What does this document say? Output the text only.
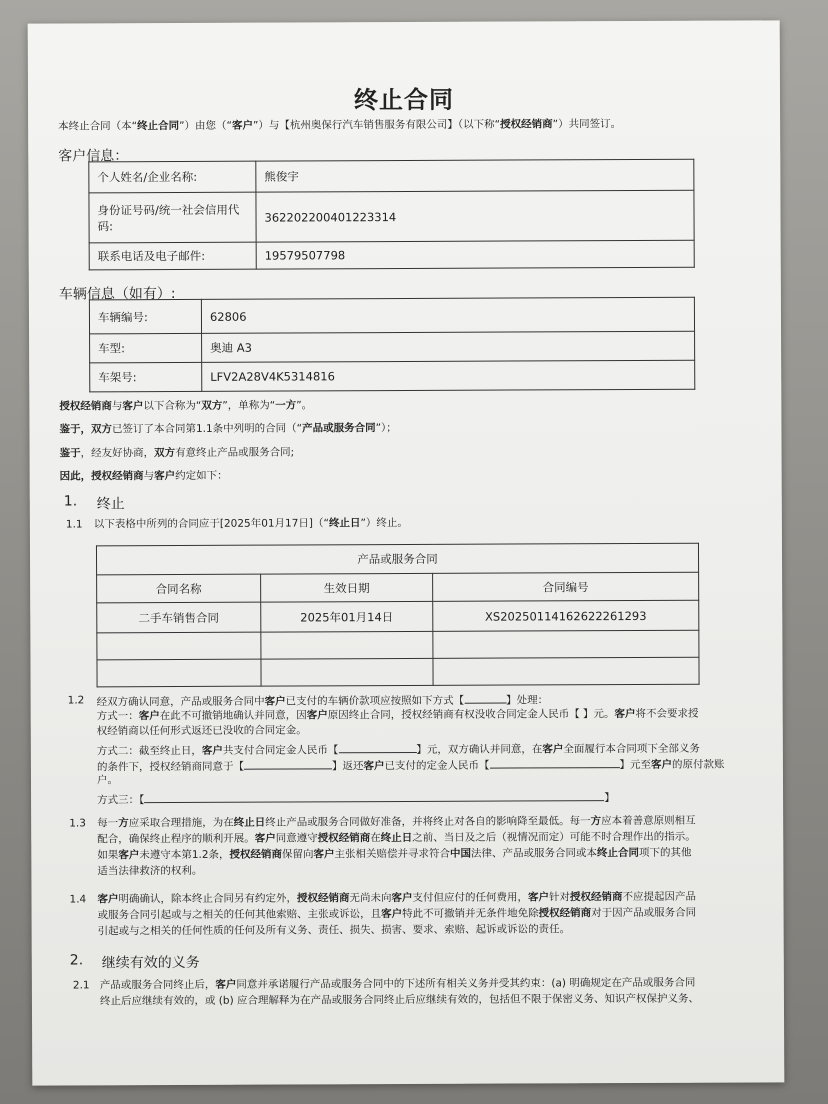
终止合同
本终止合同（本“终止合同”）由您（“客户”）与【杭州奥保行汽车销售服务有限公司】（以下称“授权经销商”）共同签订。
客户信息：
个人姓名/企业名称:	熊俊宇
身份证号码/统一社会信用代码:	362202200401223314
联系电话及电子邮件:	19579507798
车辆信息（如有）:
车辆编号:	62806
车型:	奥迪 A3
车架号:	LFV2A28V4K5314816
授权经销商与客户以下合称为“双方”，单称为“一方”。
鉴于，双方已签订了本合同第1.1条中列明的合同（“产品或服务合同”）；
鉴于，经友好协商，双方有意终止产品或服务合同;
因此，授权经销商与客户约定如下：
1. 终止
1.1 以下表格中所列的合同应于[2025年01月17日]（“终止日”）终止。
产品或服务合同		
合同名称	生效日期	合同编号
二手车销售合同	2025年01月14日	XS20250114162622261293

1.2 经双方确认同意，产品或服务合同中客户已支付的车辆价款项应按照如下方式【	】处理：
方式一：客户在此不可撤销地确认并同意，因客户原因终止合同，授权经销商有权没收合同定金人民币【 】元。客户将不会要求授
权经销商以任何形式返还已没收的合同定金。
方式二：截至终止日，客户共支付合同定金人民币【	】元，双方确认并同意，在客户全面履行本合同项下全部义务
的条件下，授权经销商同意于【	】返还客户已支付的定金人民币【	】元至客户的原付款账
户。
方式三：【	】
1.3 每一方应采取合理措施，为在终止日终止产品或服务合同做好准备，并将终止对各自的影响降至最低。每一方应本着善意原则相互
配合，确保终止程序的顺利开展。客户同意遵守授权经销商在终止日之前、当日及之后（视情况而定）可能不时合理作出的指示。
如果客户未遵守本第1.2条，授权经销商保留向客户主张相关赔偿并寻求符合中国法律、产品或服务合同或本终止合同项下的其他
适当法律救济的权利。
1.4 客户明确确认，除本终止合同另有约定外，授权经销商无尚未向客户支付但应付的任何费用，客户针对授权经销商不应提起因产品
或服务合同引起或与之相关的任何其他索赔、主张或诉讼，且客户特此不可撤销并无条件地免除授权经销商对于因产品或服务合同
引起或与之相关的任何性质的任何及所有义务、责任、损失、损害、要求、索赔、起诉或诉讼的责任。
2. 继续有效的义务
2.1 产品或服务合同终止后，客户同意并承诺履行产品或服务合同中的下述所有相关义务并受其约束：(a) 明确规定在产品或服务合同
终止后应继续有效的，或 (b) 应合理解释为在产品或服务合同终止后应继续有效的，包括但不限于保密义务、知识产权保护义务、
